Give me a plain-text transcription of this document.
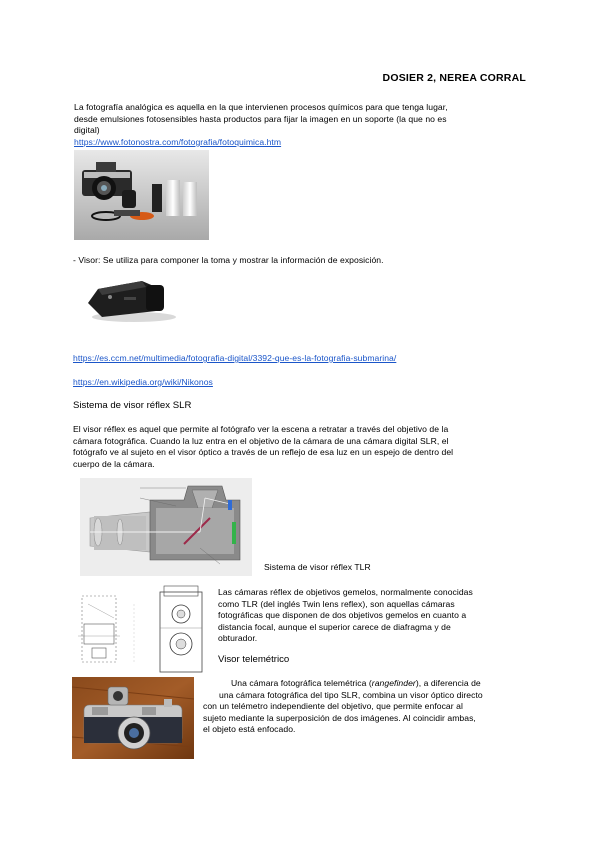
DOSIER 2, NEREA CORRAL
La fotografía analógica es aquella en la que intervienen procesos químicos para que tenga lugar,
desde emulsiones fotosensibles hasta productos para fijar la imagen en un soporte (la que no es
digital)
https://www.fotonostra.com/fotografia/fotoquimica.htm
- Visor: Se utiliza para componer la toma y mostrar la información de exposición.
https://es.ccm.net/multimedia/fotografia-digital/3392-que-es-la-fotografia-submarina/
https://en.wikipedia.org/wiki/Nikonos
Sistema de visor réflex SLR
El visor réflex es aquel que permite al fotógrafo ver la escena a retratar a través del objetivo de la
cámara fotográfica. Cuando la luz entra en el objetivo de la cámara de una cámara digital SLR, el
fotógrafo ve al sujeto en el visor óptico a través de un reflejo de esa luz en un espejo de dentro del
cuerpo de la cámara.
Sistema de visor réflex TLR
Las cámaras réflex de objetivos gemelos, normalmente conocidas
como TLR (del inglés Twin lens reflex), son aquellas cámaras
fotográficas que disponen de dos objetivos gemelos en cuanto a
distancia focal, aunque el superior carece de diafragma y de
obturador.
Visor telemétrico
Una cámara fotográfica telemétrica (rangefinder), a diferencia de
una cámara fotográfica del tipo SLR, combina un visor óptico directo
con un telémetro independiente del objetivo, que permite enfocar al
sujeto mediante la superposición de dos imágenes. Al coincidir ambas,
el objeto está enfocado.
